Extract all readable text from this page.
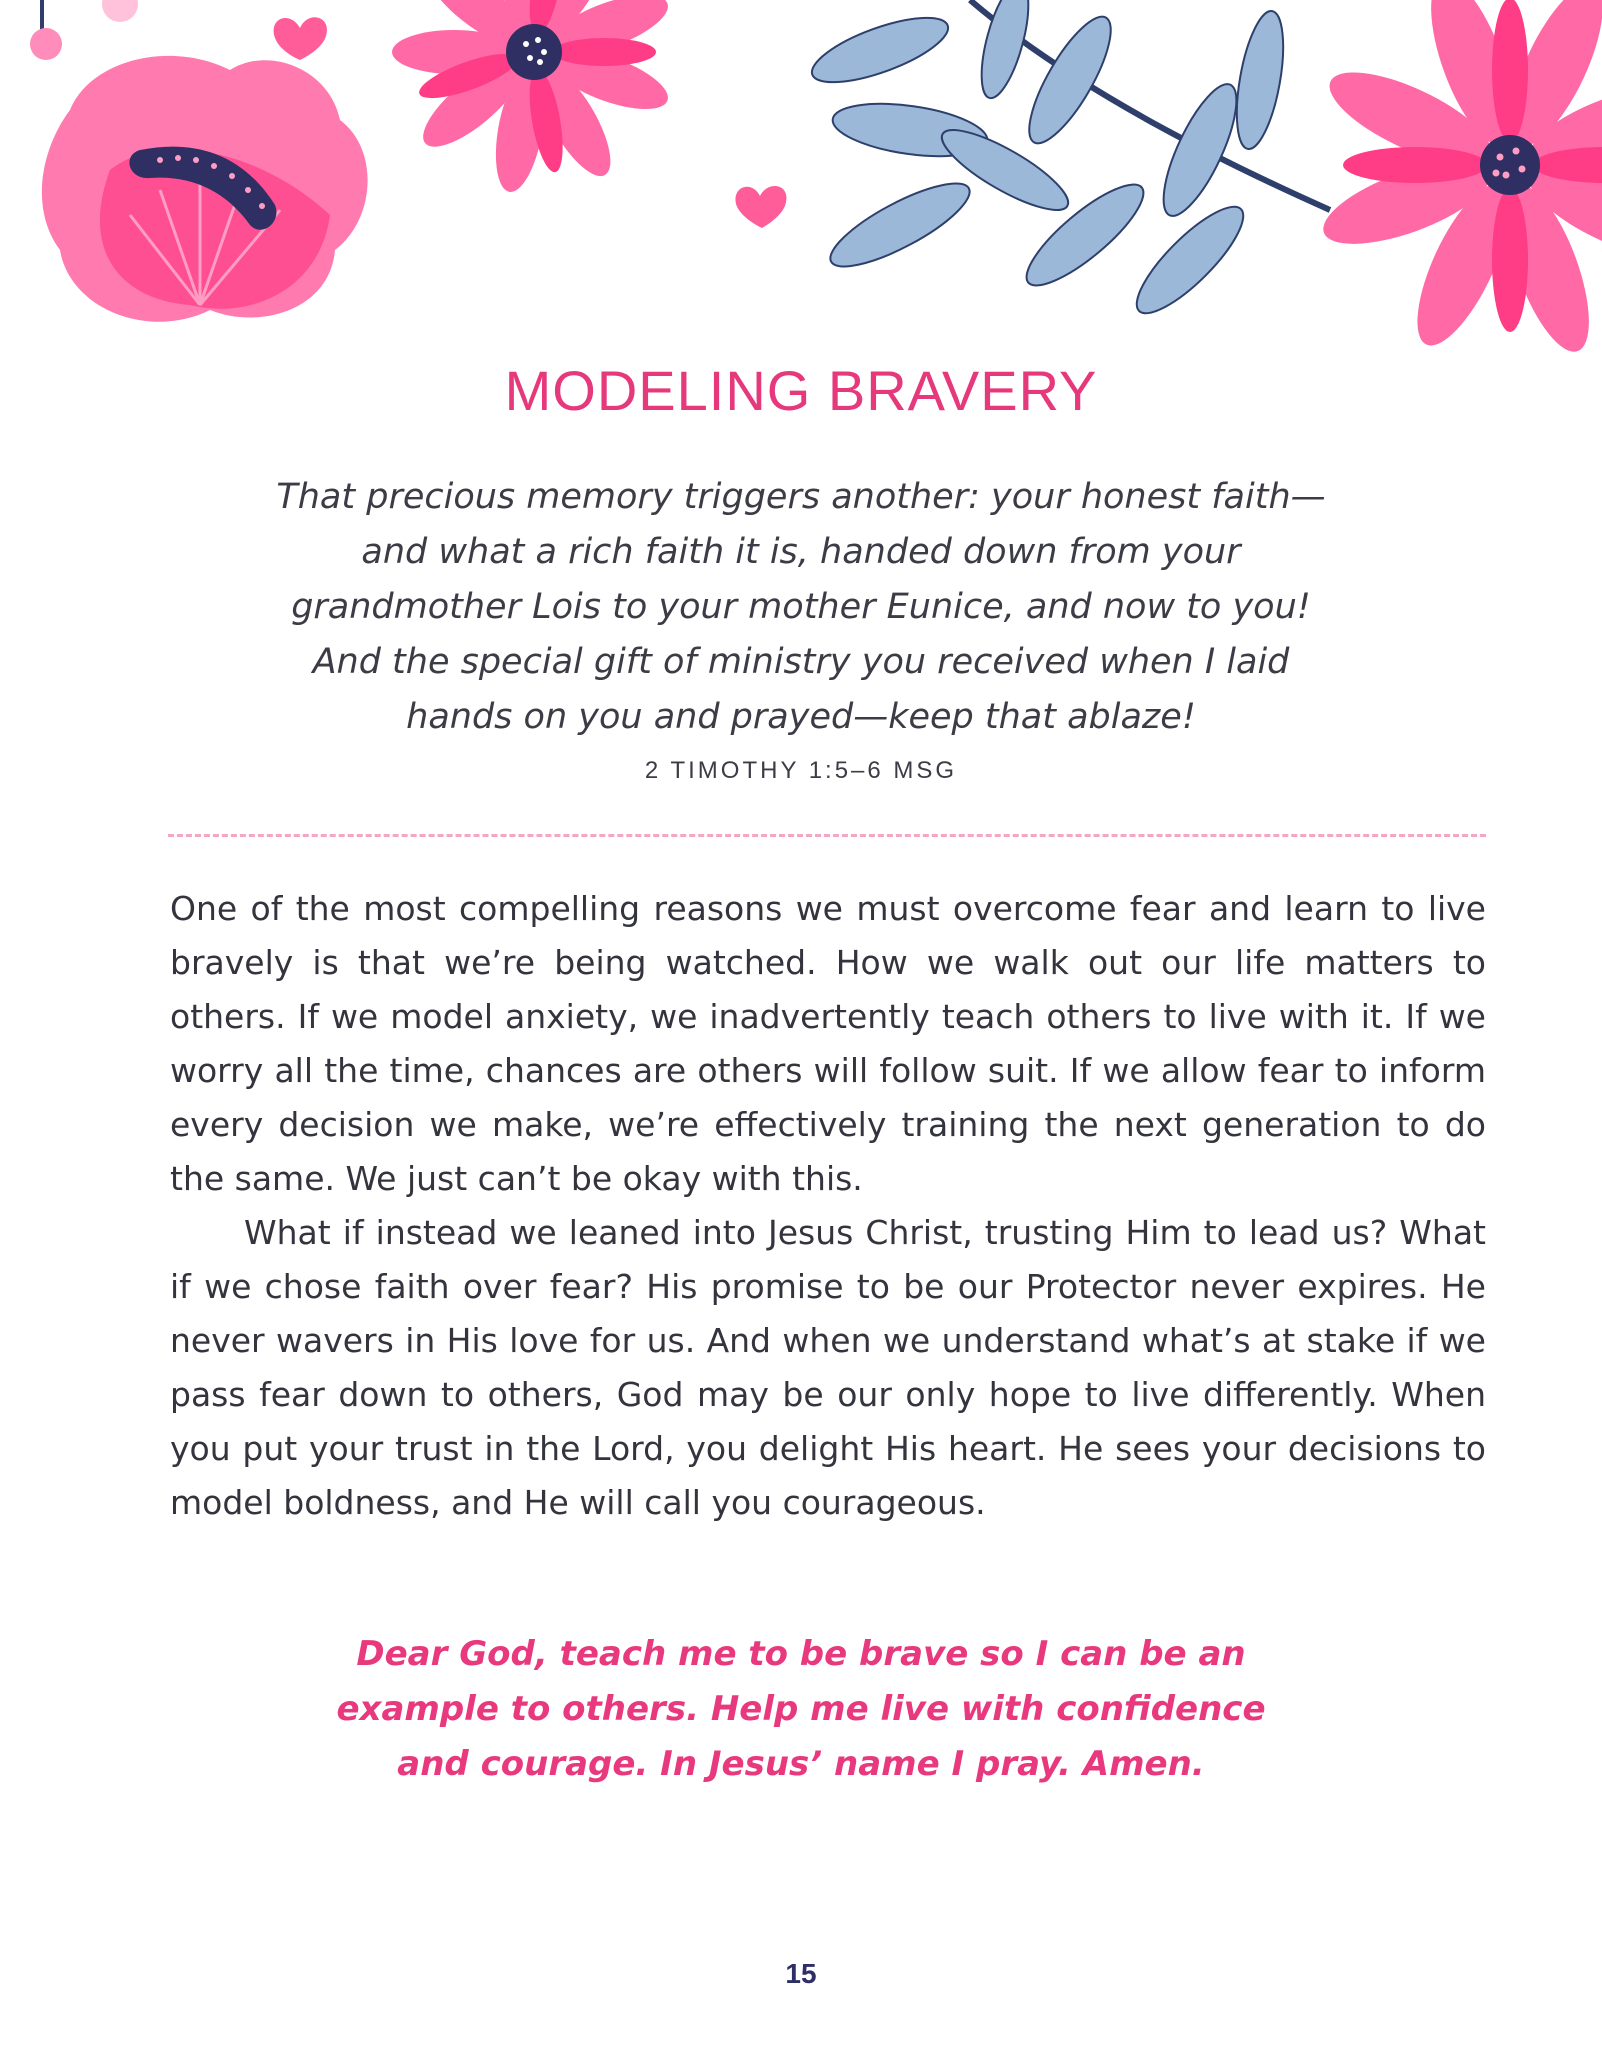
MODELING BRAVERY

That precious memory triggers another: your honest faith—and what a rich faith it is, handed down from your grandmother Lois to your mother Eunice, and now to you! And the special gift of ministry you received when I laid hands on you and prayed—keep that ablaze!

2 TIMOTHY 1:5–6 MSG

One of the most compelling reasons we must overcome fear and learn to live bravely is that we’re being watched. How we walk out our life matters to others. If we model anxiety, we inadvertently teach others to live with it. If we worry all the time, chances are others will follow suit. If we allow fear to inform every decision we make, we’re effectively training the next generation to do the same. We just can’t be okay with this.

What if instead we leaned into Jesus Christ, trusting Him to lead us? What if we chose faith over fear? His promise to be our Protector never expires. He never wavers in His love for us. And when we understand what’s at stake if we pass fear down to others, God may be our only hope to live differently. When you put your trust in the Lord, you delight His heart. He sees your decisions to model boldness, and He will call you courageous.

Dear God, teach me to be brave so I can be an example to others. Help me live with confidence and courage. In Jesus’ name I pray. Amen.

15
